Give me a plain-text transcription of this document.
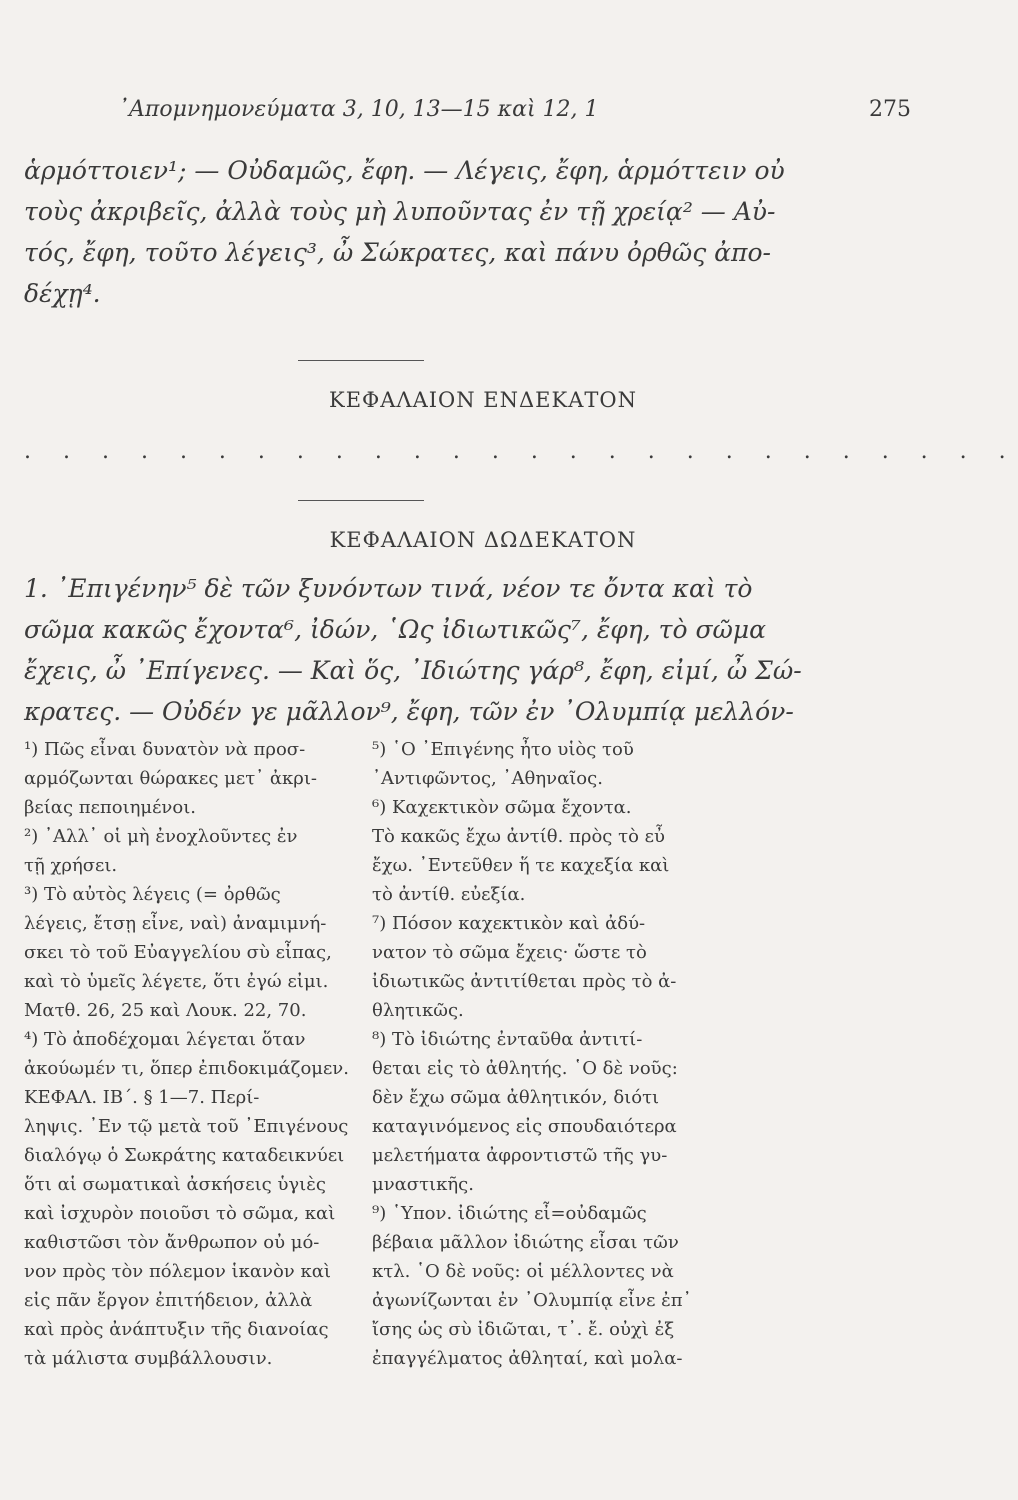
᾿Απομνημονεύματα 3, 10, 13—15 καὶ 12, 1	275
ἁρμόττοιεν¹; — Οὐδαμῶς, ἔφη. — Λέγεις, ἔφη, ἁρμόττειν οὐ
τοὺς ἀκριβεῖς, ἀλλὰ τοὺς μὴ λυποῦντας ἐν τῇ χρείᾳ² — Αὐ-
τός, ἔφη, τοῦτο λέγεις³, ὦ Σώκρατες, καὶ πάνυ ὀρθῶς ἀπο-
δέχῃ⁴.
ΚΕΦΑΛΑΙΟΝ ΕΝΔΕΚΑΤΟΝ
. . . . . . . . . . . . . . . . . . . . . . . . . .
ΚΕΦΑΛΑΙΟΝ ΔΩΔΕΚΑΤΟΝ
1. ᾿Επιγένην⁵ δὲ τῶν ξυνόντων τινά, νέον τε ὄντα καὶ τὸ
σῶμα κακῶς ἔχοντα⁶, ἰδών, ῾Ως ἰδιωτικῶς⁷, ἔφη, τὸ σῶμα
ἔχεις, ὦ ᾿Επίγενες. — Καὶ ὅς, ᾿Ιδιώτης γάρ⁸, ἔφη, εἰμί, ὦ Σώ-
κρατες. — Οὐδέν γε μᾶλλον⁹, ἔφη, τῶν ἐν ᾿Ολυμπίᾳ μελλόν-
¹) Πῶς εἶναι δυνατὸν νὰ προσ-
αρμόζωνται θώρακες μετ᾿ ἀκρι-
βείας πεποιημένοι.
²) ᾿Αλλ᾿ οἱ μὴ ἐνοχλοῦντες ἐν
τῇ χρήσει.
³) Τὸ αὐτὸς λέγεις (= ὀρθῶς
λέγεις, ἔτσῃ εἶνε, ναὶ) ἀναμιμνή-
σκει τὸ τοῦ Εὐαγγελίου σὺ εἶπας,
καὶ τὸ ὑμεῖς λέγετε, ὅτι ἐγώ εἰμι.
Ματθ. 26, 25 καὶ Λουκ. 22, 70.
⁴) Τὸ ἀποδέχομαι λέγεται ὅταν
ἀκούωμέν τι, ὅπερ ἐπιδοκιμάζομεν.
ΚΕΦΑΛ. ΙΒ΄. § 1—7. Περί-
ληψις. ᾿Εν τῷ μετὰ τοῦ ᾿Επιγένους
διαλόγῳ ὁ Σωκράτης καταδεικνύει
ὅτι αἱ σωματικαὶ ἀσκήσεις ὑγιὲς
καὶ ἰσχυρὸν ποιοῦσι τὸ σῶμα, καὶ
καθιστῶσι τὸν ἄνθρωπον οὐ μό-
νον πρὸς τὸν πόλεμον ἱκανὸν καὶ
εἰς πᾶν ἔργον ἐπιτήδειον, ἀλλὰ
καὶ πρὸς ἀνάπτυξιν τῆς διανοίας
τὰ μάλιστα συμβάλλουσιν.
⁵) ῾Ο ᾿Επιγένης ἦτο υἱὸς τοῦ
᾿Αντιφῶντος, ᾿Αθηναῖος.
⁶) Καχεκτικὸν σῶμα ἔχοντα.
Τὸ κακῶς ἔχω ἀντίθ. πρὸς τὸ εὖ
ἔχω. ᾿Εντεῦθεν ἥ τε καχεξία καὶ
τὸ ἀντίθ. εὐεξία.
⁷) Πόσον καχεκτικὸν καὶ ἀδύ-
νατον τὸ σῶμα ἔχεις· ὥστε τὸ
ἰδιωτικῶς ἀντιτίθεται πρὸς τὸ ἀ-
θλητικῶς.
⁸) Τὸ ἰδιώτης ἐνταῦθα ἀντιτί-
θεται εἰς τὸ ἀθλητής. ῾Ο δὲ νοῦς:
δὲν ἔχω σῶμα ἀθλητικόν, διότι
καταγινόμενος εἰς σπουδαιότερα
μελετήματα ἀφροντιστῶ τῆς γυ-
μναστικῆς.
⁹) ῾Υπον. ἰδιώτης εἶ=οὐδαμῶς
βέβαια μᾶλλον ἰδιώτης εἶσαι τῶν
κτλ. ῾Ο δὲ νοῦς: οἱ μέλλοντες νὰ
ἀγωνίζωνται ἐν ᾿Ολυμπίᾳ εἶνε ἐπ᾿
ἴσης ὡς σὺ ἰδιῶται, τ᾿. ἔ. οὐχὶ ἐξ
ἐπαγγέλματος ἀθληταί, καὶ μολα-
